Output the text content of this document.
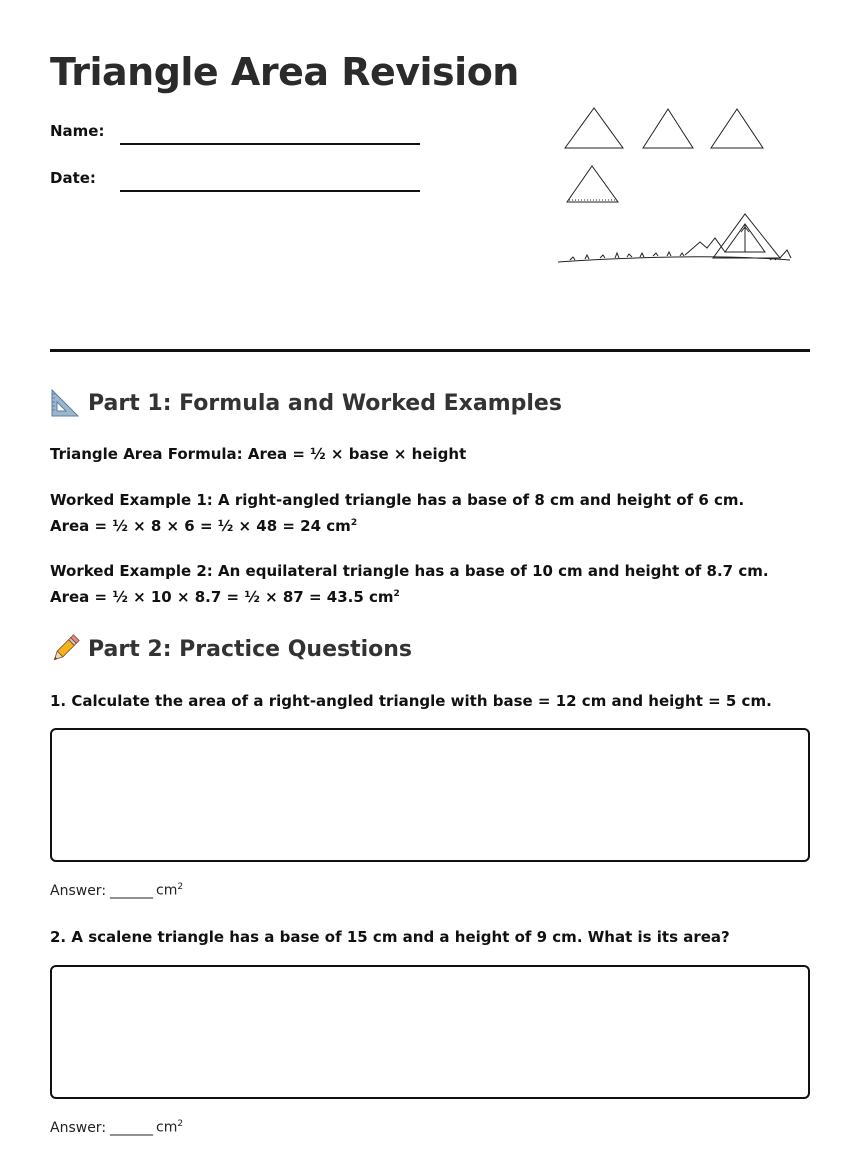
Triangle Area Revision
Name:
Date:
Part 1: Formula and Worked Examples
Triangle Area Formula: Area = ½ × base × height
Worked Example 1: A right-angled triangle has a base of 8 cm and height of 6 cm.
Area = ½ × 8 × 6 = ½ × 48 = 24 $cm^2$
Worked Example 2: An equilateral triangle has a base of 10 cm and height of 8.7 cm.
Area = ½ × 10 × 8.7 = ½ × 87 = 43.5 $cm^2$
Part 2: Practice Questions
1. Calculate the area of a right-angled triangle with base = 12 cm and height = 5 cm.
Answer: _______ $cm^2$
2. A scalene triangle has a base of 15 cm and a height of 9 cm. What is its area?
Answer: _______ $cm^2$
